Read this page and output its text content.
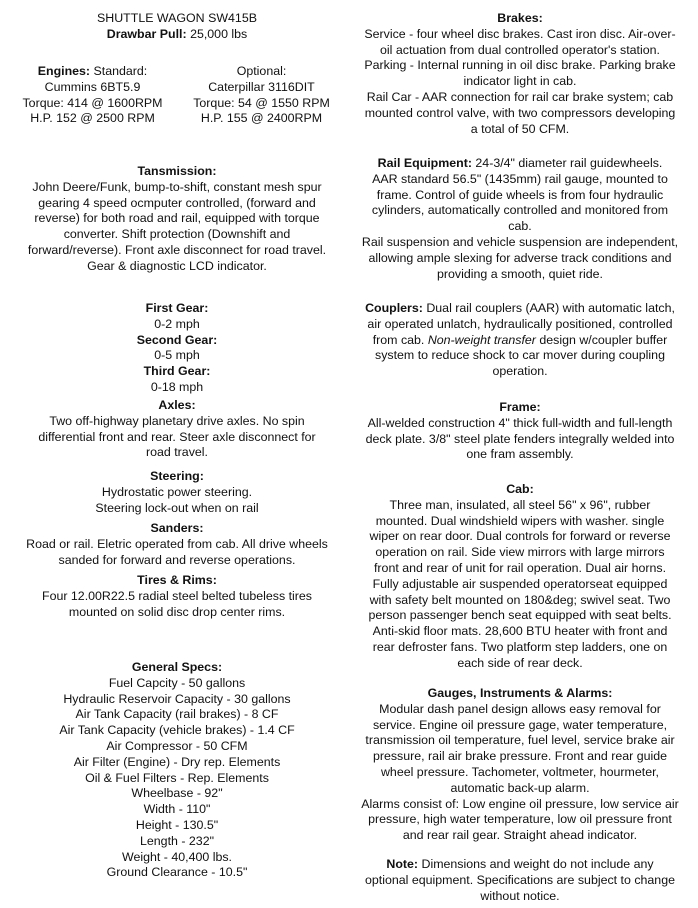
SHUTTLE WAGON SW415B

Drawbar Pull: 25,000 lbs

Engines: Standard:

Cummins 6BT5.9

Torque: 414 @ 1600RPM

H.P. 152 @ 2500 RPM

Optional:

Caterpillar 3116DIT

Torque: 54 @ 1550 RPM

H.P. 155 @ 2400RPM

Tansmission:

John Deere/Funk, bump-to-shift, constant mesh spur

gearing 4 speed ocmputer controlled, (forward and

reverse) for both road and rail, equipped with torque

converter. Shift protection (Downshift and

forward/reverse). Front axle disconnect for road travel.

Gear & diagnostic LCD indicator.

First Gear:

0-2 mph

Second Gear:

0-5 mph

Third Gear:

0-18 mph

Axles:

Two off-highway planetary drive axles. No spin

differential front and rear. Steer axle disconnect for

road travel.

Steering:

Hydrostatic power steering.

Steering lock-out when on rail

Sanders:

Road or rail. Eletric operated from cab. All drive wheels

sanded for forward and reverse operations.

Tires & Rims:

Four 12.00R22.5 radial steel belted tubeless tires

mounted on solid disc drop center rims.

General Specs:

Fuel Capcity - 50 gallons

Hydraulic Reservoir Capacity - 30 gallons

Air Tank Capacity (rail brakes) - 8 CF

Air Tank Capacity (vehicle brakes) - 1.4 CF

Air Compressor - 50 CFM

Air Filter (Engine) - Dry rep. Elements

Oil & Fuel Filters - Rep. Elements

Wheelbase - 92"

Width - 110"

Height - 130.5"

Length - 232"

Weight - 40,400 lbs.

Ground Clearance - 10.5"

Brakes:

Service - four wheel disc brakes. Cast iron disc. Air-over-

oil actuation from dual controlled operator's station.

Parking - Internal running in oil disc brake. Parking brake

indicator light in cab.

Rail Car - AAR connection for rail car brake system; cab

mounted control valve, with two compressors developing

a total of 50 CFM.

Rail Equipment: 24-3/4" diameter rail guidewheels.

AAR standard 56.5" (1435mm) rail gauge, mounted to

frame. Control of guide wheels is from four hydraulic

cylinders, automatically controlled and monitored from

cab.

Rail suspension and vehicle suspension are independent,

allowing ample slexing for adverse track conditions and

providing a smooth, quiet ride.

Couplers: Dual rail couplers (AAR) with automatic latch,

air operated unlatch, hydraulically positioned, controlled

from cab. Non-weight transfer design w/coupler buffer

system to reduce shock to car mover during coupling

operation.

Frame:

All-welded construction 4" thick full-width and full-length

deck plate. 3/8" steel plate fenders integrally welded into

one fram assembly.

Cab:

Three man, insulated, all steel 56" x 96", rubber

mounted. Dual windshield wipers with washer. single

wiper on rear door. Dual controls for forward or reverse

operation on rail. Side view mirrors with large mirrors

front and rear of unit for rail operation. Dual air horns.

Fully adjustable air suspended operatorseat equipped

with safety belt mounted on 180&deg; swivel seat. Two

person passenger bench seat equipped with seat belts.

Anti-skid floor mats. 28,600 BTU heater with front and

rear defroster fans. Two platform step ladders, one on

each side of rear deck.

Gauges, Instruments & Alarms:

Modular dash panel design allows easy removal for

service. Engine oil pressure gage, water temperature,

transmission oil temperature, fuel level, service brake air

pressure, rail air brake pressure. Front and rear guide

wheel pressure. Tachometer, voltmeter, hourmeter,

automatic back-up alarm.

Alarms consist of: Low engine oil pressure, low service air

pressure, high water temperature, low oil pressure front

and rear rail gear. Straight ahead indicator.

Note: Dimensions and weight do not include any

optional equipment. Specifications are subject to change

without notice.
